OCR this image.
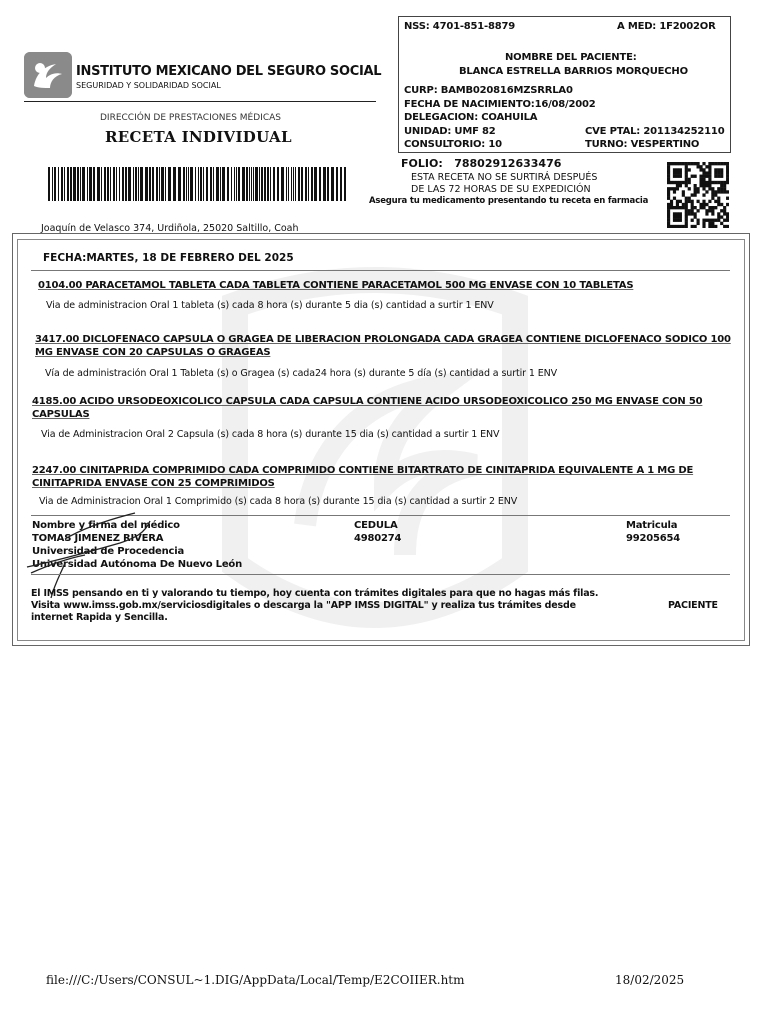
INSTITUTO MEXICANO DEL SEGURO SOCIAL
SEGURIDAD Y SOLIDARIDAD SOCIAL
DIRECCIÓN DE PRESTACIONES MÉDICAS
RECETA INDIVIDUAL
Joaquín de Velasco 374, Urdiñola, 25020 Saltillo, Coah
NSS: 4701-851-8879	A MED: 1F2002OR
NOMBRE DEL PACIENTE:
BLANCA ESTRELLA BARRIOS MORQUECHO
CURP: BAMB020816MZSRRLA0
FECHA DE NACIMIENTO:16/08/2002
DELEGACION: COAHUILA
UNIDAD: UMF 82	CVE PTAL: 201134252110
CONSULTORIO: 10	TURNO: VESPERTINO
FOLIO: 78802912633476
ESTA RECETA NO SE SURTIRÁ DESPUÉS
DE LAS 72 HORAS DE SU EXPEDICIÓN
Asegura tu medicamento presentando tu receta en farmacia
FECHA:MARTES, 18 DE FEBRERO DEL 2025
0104.00 PARACETAMOL TABLETA CADA TABLETA CONTIENE PARACETAMOL 500 MG ENVASE CON 10 TABLETAS
Via de administracion Oral 1 tableta (s) cada 8 hora (s) durante 5 dia (s) cantidad a surtir 1 ENV
3417.00 DICLOFENACO CAPSULA O GRAGEA DE LIBERACION PROLONGADA CADA GRAGEA CONTIENE DICLOFENACO SODICO 100
MG ENVASE CON 20 CAPSULAS O GRAGEAS
Vía de administración Oral 1 Tableta (s) o Gragea (s) cada24 hora (s) durante 5 día (s) cantidad a surtir 1 ENV
4185.00 ACIDO URSODEOXICOLICO CAPSULA CADA CAPSULA CONTIENE ACIDO URSODEOXICOLICO 250 MG ENVASE CON 50
CAPSULAS
Via de Administracion Oral 2 Capsula (s) cada 8 hora (s) durante 15 dia (s) cantidad a surtir 1 ENV
2247.00 CINITAPRIDA COMPRIMIDO CADA COMPRIMIDO CONTIENE BITARTRATO DE CINITAPRIDA EQUIVALENTE A 1 MG DE
CINITAPRIDA ENVASE CON 25 COMPRIMIDOS
Via de Administracion Oral 1 Comprimido (s) cada 8 hora (s) durante 15 dia (s) cantidad a surtir 2 ENV
Nombre y firma del médico
TOMAS JIMENEZ RIVERA
Universidad de Procedencia
Universidad Autónoma De Nuevo León
CEDULA
4980274
Matricula
99205654
El IMSS pensando en ti y valorando tu tiempo, hoy cuenta con trámites digitales para que no hagas más filas.
Visita www.imss.gob.mx/serviciosdigitales o descarga la "APP IMSS DIGITAL" y realiza tus trámites desde
internet Rapida y Sencilla.
PACIENTE
file:///C:/Users/CONSUL~1.DIG/AppData/Local/Temp/E2COIIER.htm	18/02/2025
